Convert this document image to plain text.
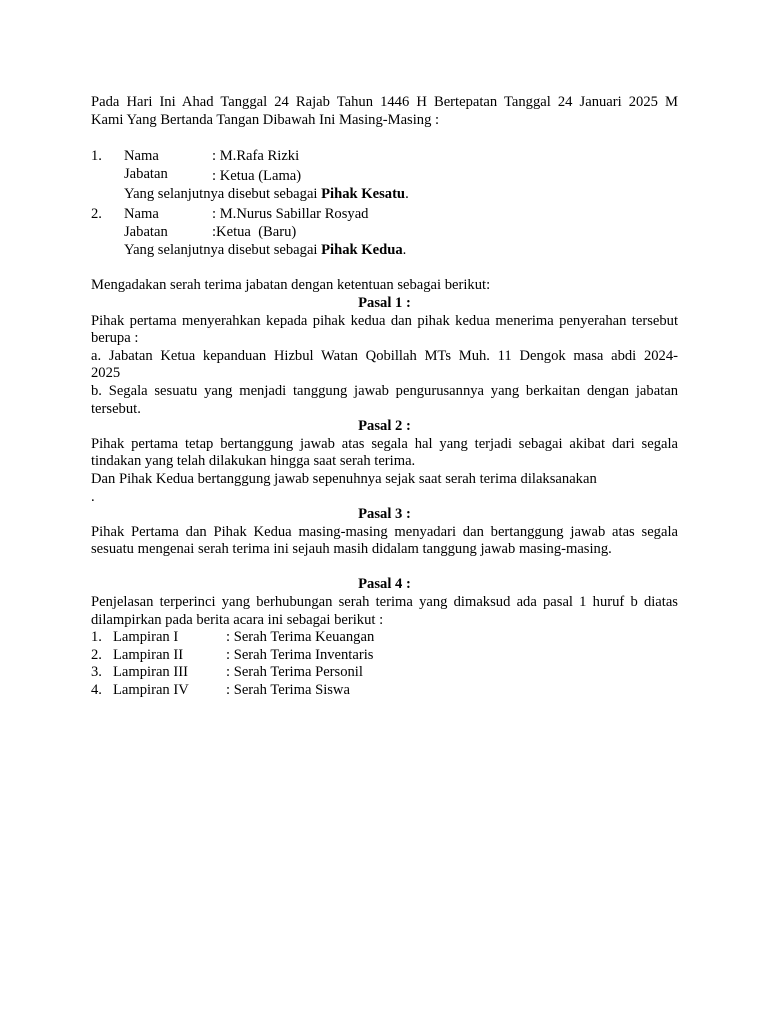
Pada Hari Ini Ahad Tanggal 24 Rajab Tahun 1446 H Bertepatan Tanggal 24 Januari 2025 M
Kami Yang Bertanda Tangan Dibawah Ini Masing-Masing :
1. Nama	: M.Rafa Rizki
Jabatan	: Ketua (Lama)
Yang selanjutnya disebut sebagai Pihak Kesatu.
2. Nama	: M.Nurus Sabillar Rosyad
Jabatan	:Ketua  (Baru)
Yang selanjutnya disebut sebagai Pihak Kedua.
Mengadakan serah terima jabatan dengan ketentuan sebagai berikut:
Pasal 1 :
Pihak pertama menyerahkan kepada pihak kedua dan pihak kedua menerima penyerahan tersebut
berupa :
a. Jabatan Ketua kepanduan Hizbul Watan Qobillah MTs Muh. 11 Dengok masa abdi 2024-
2025
b. Segala sesuatu yang menjadi tanggung jawab pengurusannya yang berkaitan dengan jabatan
tersebut.
Pasal 2 :
Pihak pertama tetap bertanggung jawab atas segala hal yang terjadi sebagai akibat dari segala
tindakan yang telah dilakukan hingga saat serah terima.
Dan Pihak Kedua bertanggung jawab sepenuhnya sejak saat serah terima dilaksanakan
.
Pasal 3 :
Pihak Pertama dan Pihak Kedua masing-masing menyadari dan bertanggung jawab atas segala
sesuatu mengenai serah terima ini sejauh masih didalam tanggung jawab masing-masing.
Pasal 4 :
Penjelasan terperinci yang berhubungan serah terima yang dimaksud ada pasal 1 huruf b diatas
dilampirkan pada berita acara ini sebagai berikut :
1. Lampiran I	: Serah Terima Keuangan
2. Lampiran II	: Serah Terima Inventaris
3. Lampiran III	: Serah Terima Personil
4. Lampiran IV	: Serah Terima Siswa
